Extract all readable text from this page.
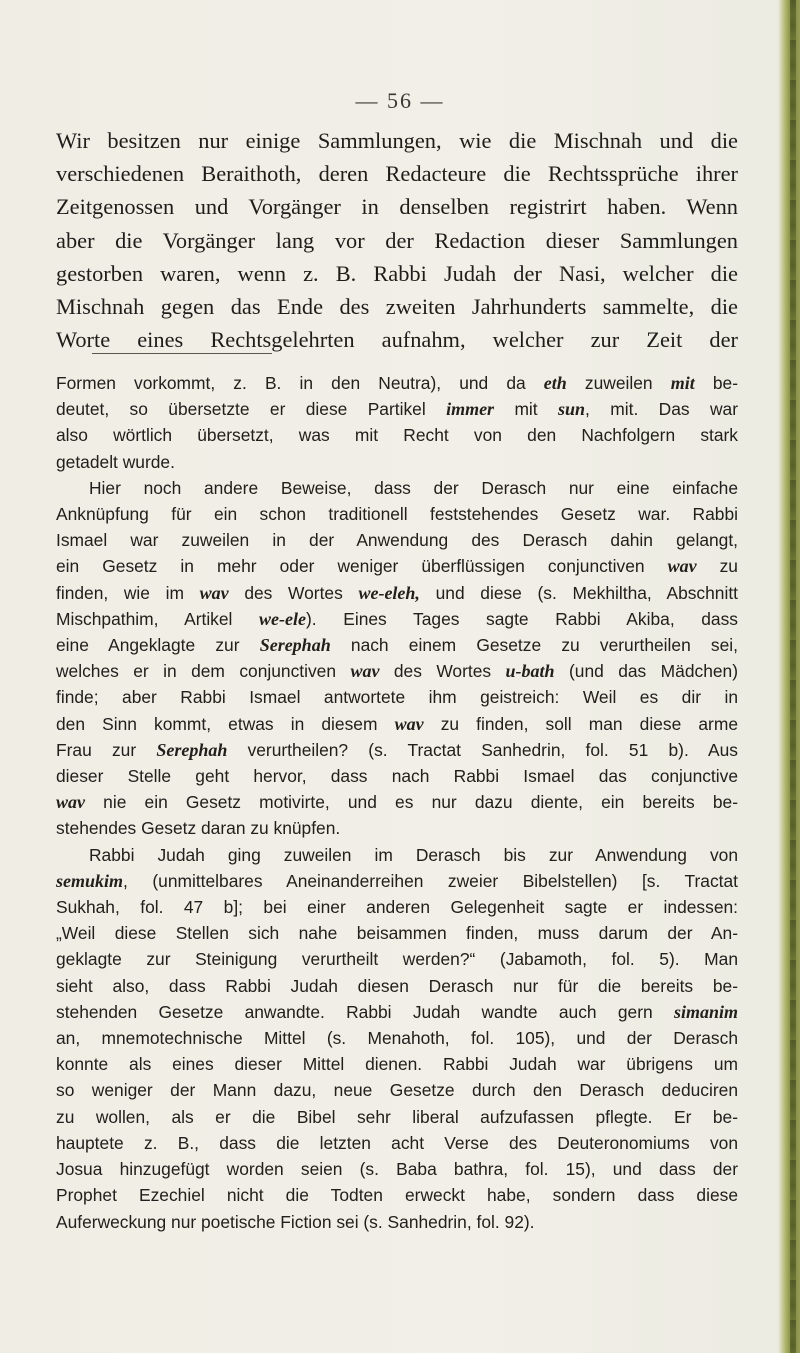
— 56 —
Wir besitzen nur einige Sammlungen, wie die Mischnah und die
verschiedenen Beraithoth, deren Redacteure die Rechtssprüche ihrer
Zeitgenossen und Vorgänger in denselben registrirt haben. Wenn
aber die Vorgänger lang vor der Redaction dieser Sammlungen
gestorben waren, wenn z. B. Rabbi Judah der Nasi, welcher die
Mischnah gegen das Ende des zweiten Jahrhunderts sammelte, die
Worte eines Rechtsgelehrten aufnahm, welcher zur Zeit der
Formen vorkommt, z. B. in den Neutra), und da eth zuweilen mit be-
deutet, so übersetzte er diese Partikel immer mit sun, mit. Das war
also wörtlich übersetzt, was mit Recht von den Nachfolgern stark
getadelt wurde.
Hier noch andere Beweise, dass der Derasch nur eine einfache
Anknüpfung für ein schon traditionell feststehendes Gesetz war. Rabbi
Ismael war zuweilen in der Anwendung des Derasch dahin gelangt,
ein Gesetz in mehr oder weniger überflüssigen conjunctiven wav zu
finden, wie im wav des Wortes we-eleh, und diese (s. Mekhiltha, Abschnitt
Mischpathim, Artikel we-ele). Eines Tages sagte Rabbi Akiba, dass
eine Angeklagte zur Serephah nach einem Gesetze zu verurtheilen sei,
welches er in dem conjunctiven wav des Wortes u-bath (und das Mädchen)
finde; aber Rabbi Ismael antwortete ihm geistreich: Weil es dir in
den Sinn kommt, etwas in diesem wav zu finden, soll man diese arme
Frau zur Serephah verurtheilen? (s. Tractat Sanhedrin, fol. 51 b). Aus
dieser Stelle geht hervor, dass nach Rabbi Ismael das conjunctive
wav nie ein Gesetz motivirte, und es nur dazu diente, ein bereits be-
stehendes Gesetz daran zu knüpfen.
Rabbi Judah ging zuweilen im Derasch bis zur Anwendung von
semukim, (unmittelbares Aneinanderreihen zweier Bibelstellen) [s. Tractat
Sukhah, fol. 47 b]; bei einer anderen Gelegenheit sagte er indessen:
„Weil diese Stellen sich nahe beisammen finden, muss darum der An-
geklagte zur Steinigung verurtheilt werden?“ (Jabamoth, fol. 5). Man
sieht also, dass Rabbi Judah diesen Derasch nur für die bereits be-
stehenden Gesetze anwandte. Rabbi Judah wandte auch gern simanim
an, mnemotechnische Mittel (s. Menahoth, fol. 105), und der Derasch
konnte als eines dieser Mittel dienen. Rabbi Judah war übrigens um
so weniger der Mann dazu, neue Gesetze durch den Derasch deduciren
zu wollen, als er die Bibel sehr liberal aufzufassen pflegte. Er be-
hauptete z. B., dass die letzten acht Verse des Deuteronomiums von
Josua hinzugefügt worden seien (s. Baba bathra, fol. 15), und dass der
Prophet Ezechiel nicht die Todten erweckt habe, sondern dass diese
Auferweckung nur poetische Fiction sei (s. Sanhedrin, fol. 92).
